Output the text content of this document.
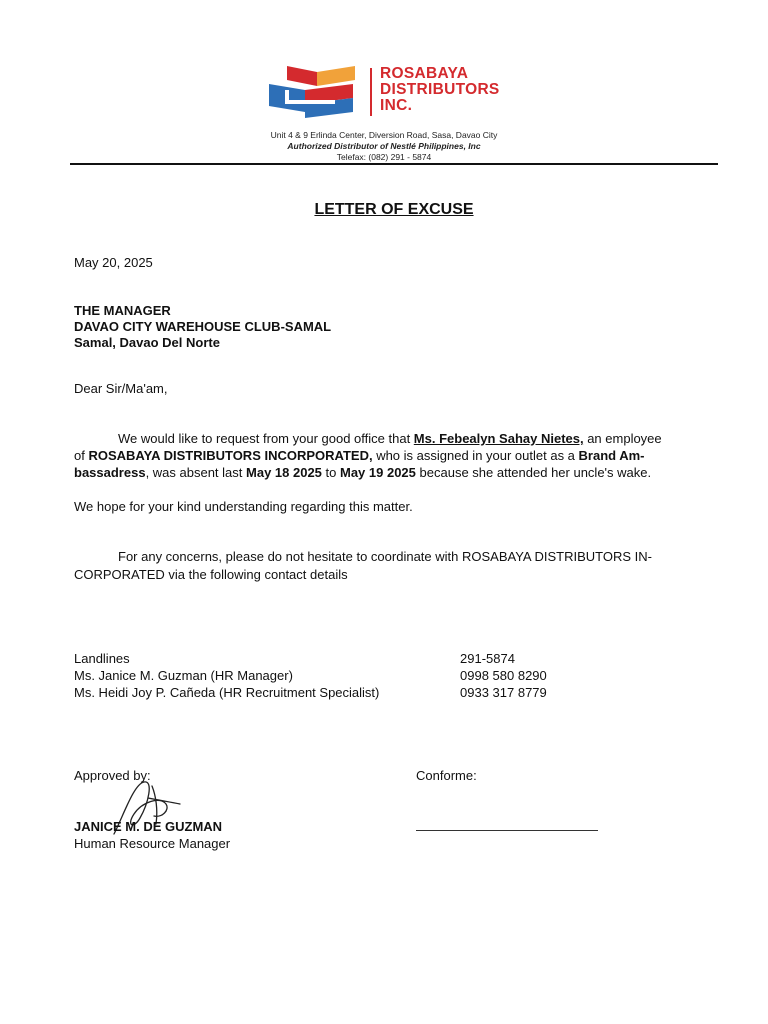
ROSABAYA
DISTRIBUTORS
INC.
Unit 4 & 9 Erlinda Center, Diversion Road, Sasa, Davao City
Authorized Distributor of Nestlé Philippines, Inc
Telefax: (082) 291 - 5874
LETTER OF EXCUSE
May 20, 2025
THE MANAGER
DAVAO CITY WAREHOUSE CLUB-SAMAL
Samal, Davao Del Norte
Dear Sir/Ma'am,
We would like to request from your good office that Ms. Febealyn Sahay Nietes, an employee
of ROSABAYA DISTRIBUTORS INCORPORATED, who is assigned in your outlet as a Brand Am-
bassadress, was absent last May 18 2025 to May 19 2025 because she attended her uncle's wake.
We hope for your kind understanding regarding this matter.
For any concerns, please do not hesitate to coordinate with ROSABAYA DISTRIBUTORS IN-
CORPORATED via the following contact details
Landlines	291-5874
Ms. Janice M. Guzman (HR Manager)	0998 580 8290
Ms. Heidi Joy P. Cañeda (HR Recruitment Specialist)	0933 317 8779
Approved by:	Conforme:
JANICE M. DE GUZMAN
Human Resource Manager
